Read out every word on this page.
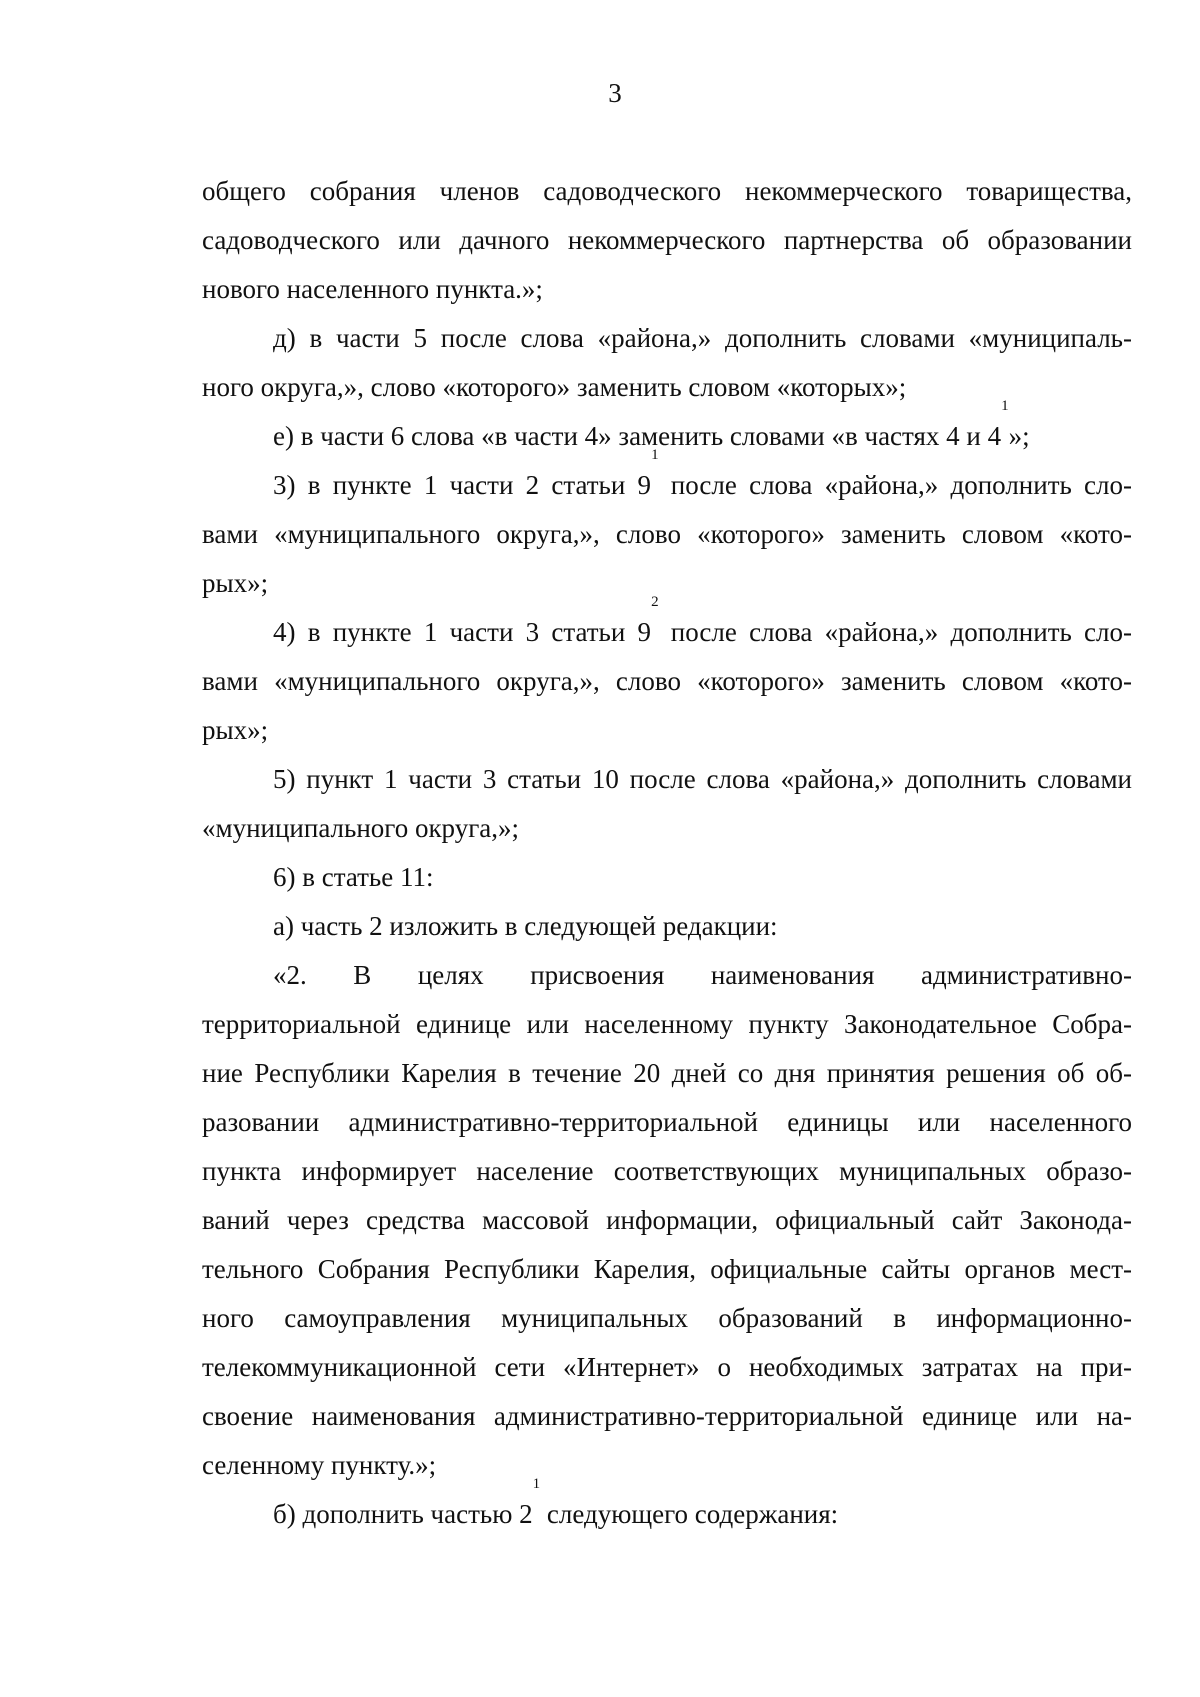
3
общего собрания членов садоводческого некоммерческого товарищества,
садоводческого или дачного некоммерческого партнерства об образовании
нового населенного пункта.»;
д) в части 5 после слова «района,» дополнить словами «муниципаль-
ного округа,», слово «которого» заменить словом «которых»;
е) в части 6 слова «в части 4» заменить словами «в частях 4 и $4^1$»;
3) в пункте 1 части 2 статьи $9^1$ после слова «района,» дополнить сло-
вами «муниципального округа,», слово «которого» заменить словом «кото-
рых»;
4) в пункте 1 части 3 статьи $9^2$ после слова «района,» дополнить сло-
вами «муниципального округа,», слово «которого» заменить словом «кото-
рых»;
5) пункт 1 части 3 статьи 10 после слова «района,» дополнить словами
«муниципального округа,»;
6) в статье 11:
а) часть 2 изложить в следующей редакции:
«2. В целях присвоения наименования административно-
территориальной единице или населенному пункту Законодательное Собра-
ние Республики Карелия в течение 20 дней со дня принятия решения об об-
разовании административно-территориальной единицы или населенного
пункта информирует население соответствующих муниципальных образо-
ваний через средства массовой информации, официальный сайт Законода-
тельного Собрания Республики Карелия, официальные сайты органов мест-
ного самоуправления муниципальных образований в информационно-
телекоммуникационной сети «Интернет» о необходимых затратах на при-
своение наименования административно-территориальной единице или на-
селенному пункту.»;
б) дополнить частью $2^1$ следующего содержания:
